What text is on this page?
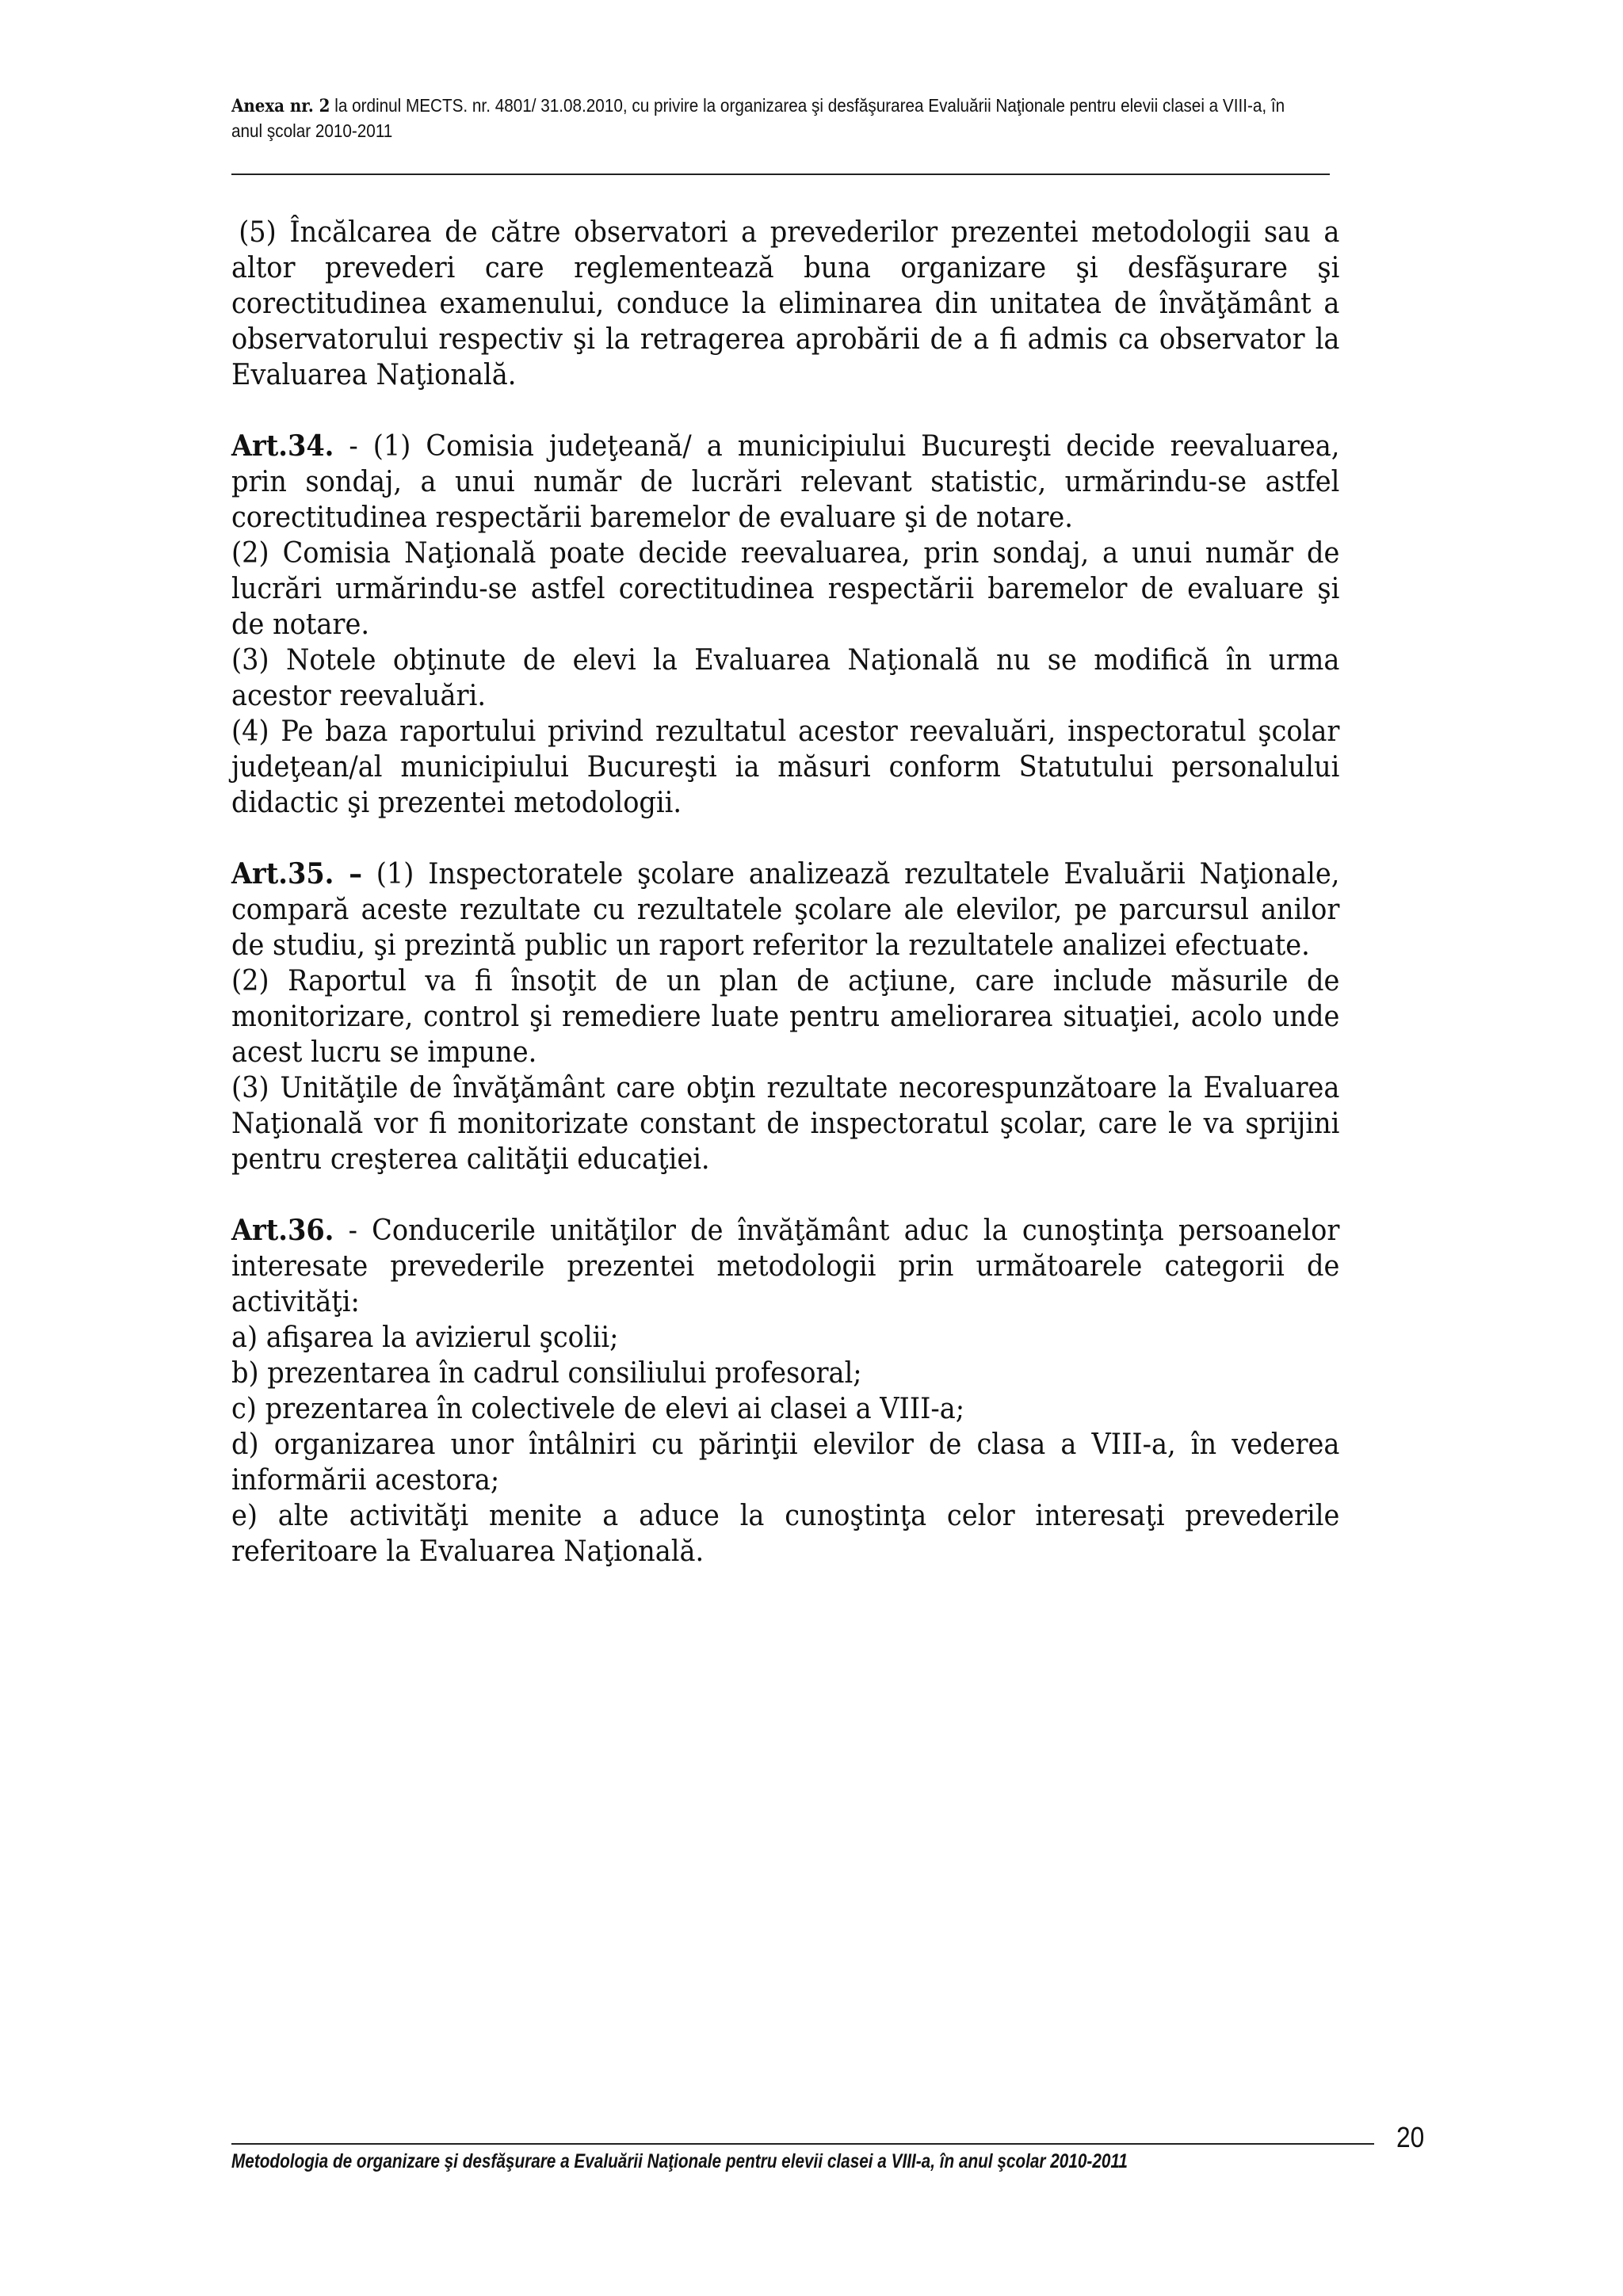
Anexa nr. 2 la ordinul MECTS. nr. 4801/ 31.08.2010, cu privire la organizarea şi desfăşurarea Evaluării Naţionale pentru elevii clasei a VIII-a, în anul şcolar 2010-2011

(5) Încălcarea de către observatori a prevederilor prezentei metodologii sau a altor prevederi care reglementează buna organizare şi desfăşurare şi corectitudinea examenului, conduce la eliminarea din unitatea de învăţământ a observatorului respectiv şi la retragerea aprobării de a fi admis ca observator la Evaluarea Naţională.

Art.34. - (1) Comisia judeţeană/ a municipiului Bucureşti decide reevaluarea, prin sondaj, a unui număr de lucrări relevant statistic, urmărindu-se astfel corectitudinea respectării baremelor de evaluare şi de notare.

(2) Comisia Naţională poate decide reevaluarea, prin sondaj, a unui număr de lucrări urmărindu-se astfel corectitudinea respectării baremelor de evaluare şi de notare.

(3) Notele obţinute de elevi la Evaluarea Naţională nu se modifică în urma acestor reevaluări.

(4) Pe baza raportului privind rezultatul acestor reevaluări, inspectoratul şcolar judeţean/al municipiului Bucureşti ia măsuri conform Statutului personalului didactic şi prezentei metodologii.

Art.35. – (1) Inspectoratele şcolare analizează rezultatele Evaluării Naţionale, compară aceste rezultate cu rezultatele şcolare ale elevilor, pe parcursul anilor de studiu, şi prezintă public un raport referitor la rezultatele analizei efectuate.

(2) Raportul va fi însoţit de un plan de acţiune, care include măsurile de monitorizare, control şi remediere luate pentru ameliorarea situaţiei, acolo unde acest lucru se impune.

(3) Unităţile de învăţământ care obţin rezultate necorespunzătoare la Evaluarea Naţională vor fi monitorizate constant de inspectoratul şcolar, care le va sprijini pentru creşterea calităţii educaţiei.

Art.36. - Conducerile unităţilor de învăţământ aduc la cunoştinţa persoanelor interesate prevederile prezentei metodologii prin următoarele categorii de activităţi:

a) afişarea la avizierul şcolii;

b) prezentarea în cadrul consiliului profesoral;

c) prezentarea în colectivele de elevi ai clasei a VIII-a;

d) organizarea unor întâlniri cu părinţii elevilor de clasa a VIII-a, în vederea informării acestora;

e) alte activităţi menite a aduce la cunoştinţa celor interesaţi prevederile referitoare la Evaluarea Naţională.

Metodologia de organizare şi desfăşurare a Evaluării Naţionale pentru elevii clasei a VIII-a, în anul şcolar 2010-2011
20
